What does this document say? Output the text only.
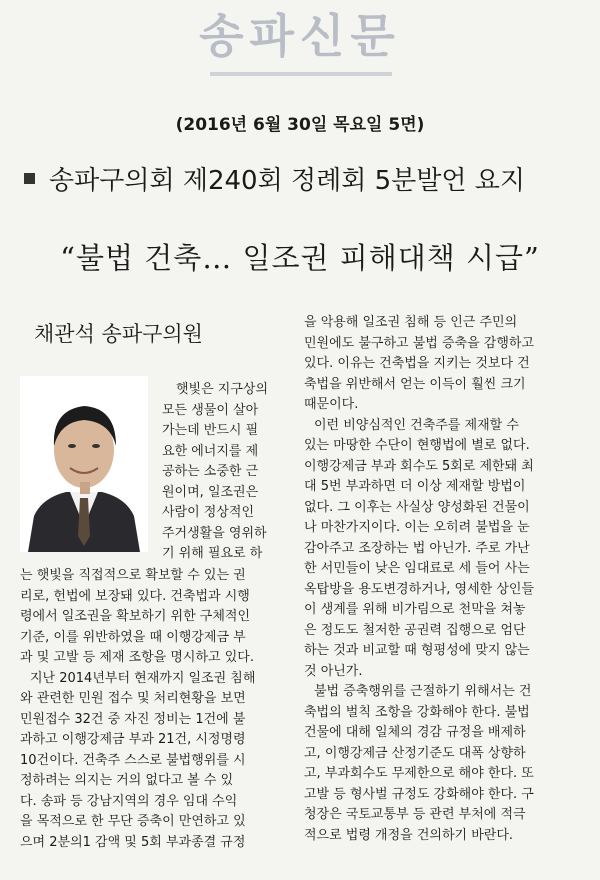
송파신문
(2016년 6월 30일 목요일 5면)
송파구의회 제240회 정례회 5분발언 요지
“불법 건축… 일조권 피해대책 시급”
채관석 송파구의원
햇빛은 지구상의
모든 생물이 살아
가는데 반드시 필
요한 에너지를 제
공하는 소중한 근
원이며, 일조권은
사람이 정상적인
주거생활을 영위하
기 위해 필요로 하
는 햇빛을 직접적으로 확보할 수 있는 권
리로, 헌법에 보장돼 있다. 건축법과 시행
령에서 일조권을 확보하기 위한 구체적인
기준, 이를 위반하였을 때 이행강제금 부
과 및 고발 등 제재 조항을 명시하고 있다.
지난 2014년부터 현재까지 일조권 침해
와 관련한 민원 접수 및 처리현황을 보면
민원접수 32건 중 자진 정비는 1건에 불
과하고 이행강제금 부과 21건, 시정명령
10건이다. 건축주 스스로 불법행위를 시
정하려는 의지는 거의 없다고 볼 수 있
다. 송파 등 강남지역의 경우 임대 수익
을 목적으로 한 무단 증축이 만연하고 있
으며 2분의1 감액 및 5회 부과종결 규정
을 악용해 일조권 침해 등 인근 주민의
민원에도 불구하고 불법 증축을 감행하고
있다. 이유는 건축법을 지키는 것보다 건
축법을 위반해서 얻는 이득이 훨씬 크기
때문이다.
이런 비양심적인 건축주를 제재할 수
있는 마땅한 수단이 현행법에 별로 없다.
이행강제금 부과 회수도 5회로 제한돼 최
대 5번 부과하면 더 이상 제재할 방법이
없다. 그 이후는 사실상 양성화된 건물이
나 마찬가지이다. 이는 오히려 불법을 눈
감아주고 조장하는 법 아닌가. 주로 가난
한 서민들이 낮은 임대료로 세 들어 사는
옥탑방을 용도변경하거나, 영세한 상인들
이 생계를 위해 비가림으로 천막을 쳐놓
은 정도도 철저한 공권력 집행으로 엄단
하는 것과 비교할 때 형평성에 맞지 않는
것 아닌가.
불법 증축행위를 근절하기 위해서는 건
축법의 벌칙 조항을 강화해야 한다. 불법
건물에 대해 일체의 경감 규정을 배제하
고, 이행강제금 산정기준도 대폭 상향하
고, 부과회수도 무제한으로 해야 한다. 또
고발 등 형사벌 규정도 강화해야 한다. 구
청장은 국토교통부 등 관련 부처에 적극
적으로 법령 개정을 건의하기 바란다.
